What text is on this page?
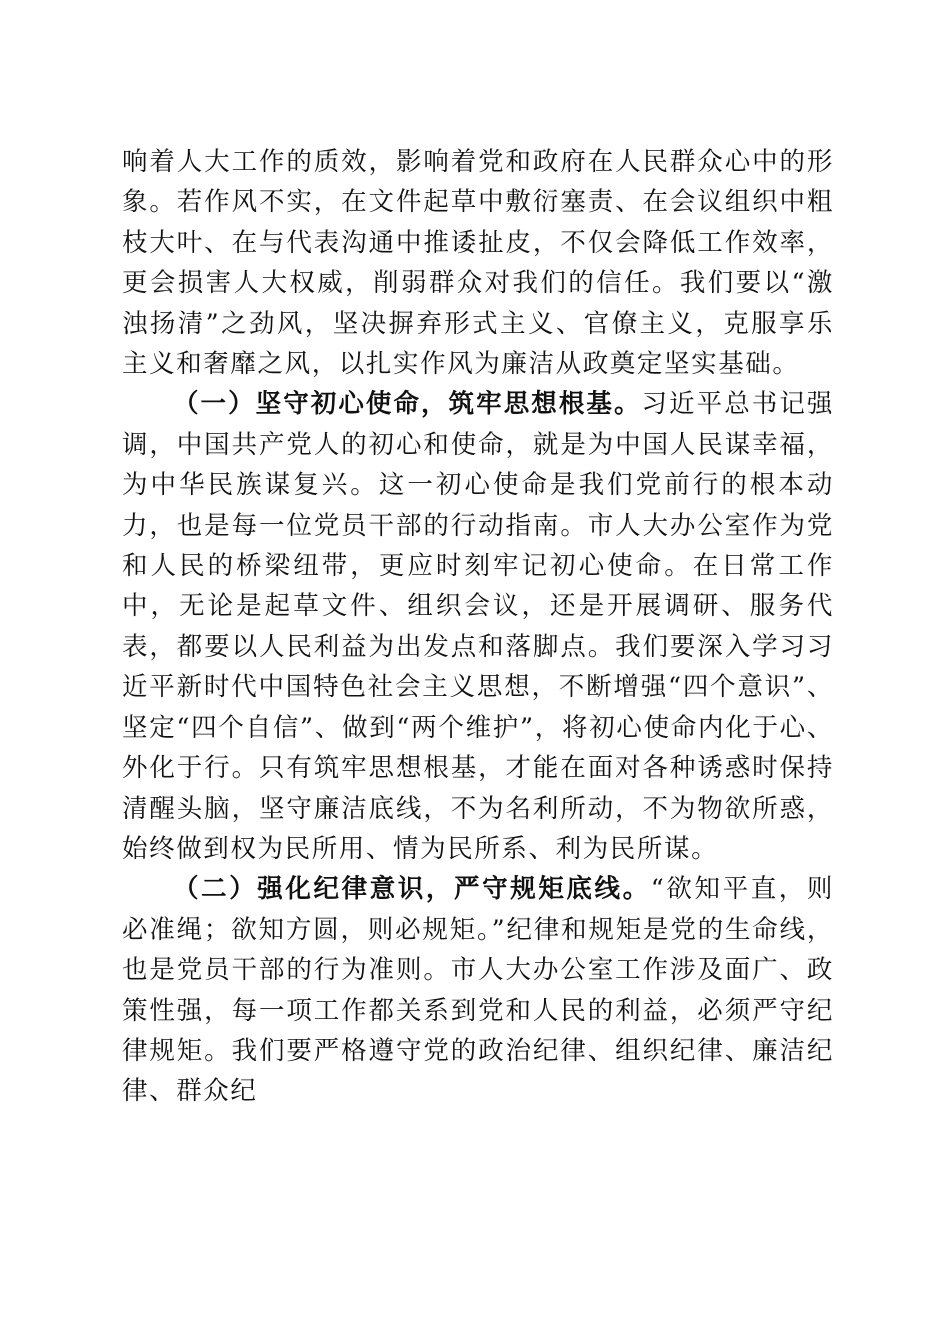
响着人大工作的质效，影响着党和政府在人民群众心中的形象。若作风不实，在文件起草中敷衍塞责、在会议组织中粗枝大叶、在与代表沟通中推诿扯皮，不仅会降低工作效率，更会损害人大权威，削弱群众对我们的信任。我们要以“激浊扬清”之劲风，坚决摒弃形式主义、官僚主义，克服享乐主义和奢靡之风，以扎实作风为廉洁从政奠定坚实基础。

（一）坚守初心使命，筑牢思想根基。习近平总书记强调，中国共产党人的初心和使命，就是为中国人民谋幸福，为中华民族谋复兴。这一初心使命是我们党前行的根本动力，也是每一位党员干部的行动指南。市人大办公室作为党和人民的桥梁纽带，更应时刻牢记初心使命。在日常工作中，无论是起草文件、组织会议，还是开展调研、服务代表，都要以人民利益为出发点和落脚点。我们要深入学习习近平新时代中国特色社会主义思想，不断增强“四个意识”、坚定“四个自信”、做到“两个维护”，将初心使命内化于心、外化于行。只有筑牢思想根基，才能在面对各种诱惑时保持清醒头脑，坚守廉洁底线，不为名利所动，不为物欲所惑，始终做到权为民所用、情为民所系、利为民所谋。

（二）强化纪律意识，严守规矩底线。“欲知平直，则必准绳；欲知方圆，则必规矩。”纪律和规矩是党的生命线，也是党员干部的行为准则。市人大办公室工作涉及面广、政策性强，每一项工作都关系到党和人民的利益，必须严守纪律规矩。我们要严格遵守党的政治纪律、组织纪律、廉洁纪律、群众纪
